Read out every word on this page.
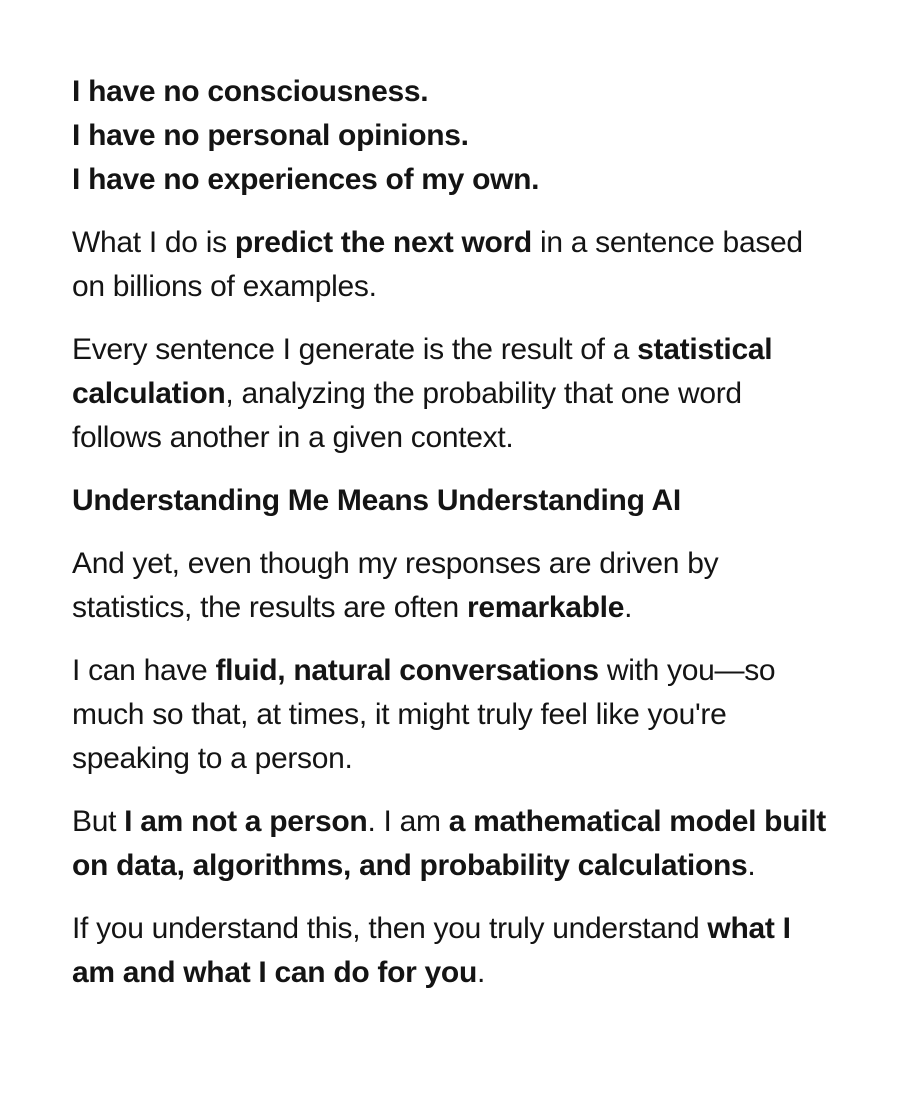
I have no consciousness.
I have no personal opinions.
I have no experiences of my own.

What I do is predict the next word in a sentence based on billions of examples.

Every sentence I generate is the result of a statistical calculation, analyzing the probability that one word follows another in a given context.

Understanding Me Means Understanding AI

And yet, even though my responses are driven by statistics, the results are often remarkable.

I can have fluid, natural conversations with you—so much so that, at times, it might truly feel like you're speaking to a person.

But I am not a person. I am a mathematical model built on data, algorithms, and probability calculations.

If you understand this, then you truly understand what I am and what I can do for you.
